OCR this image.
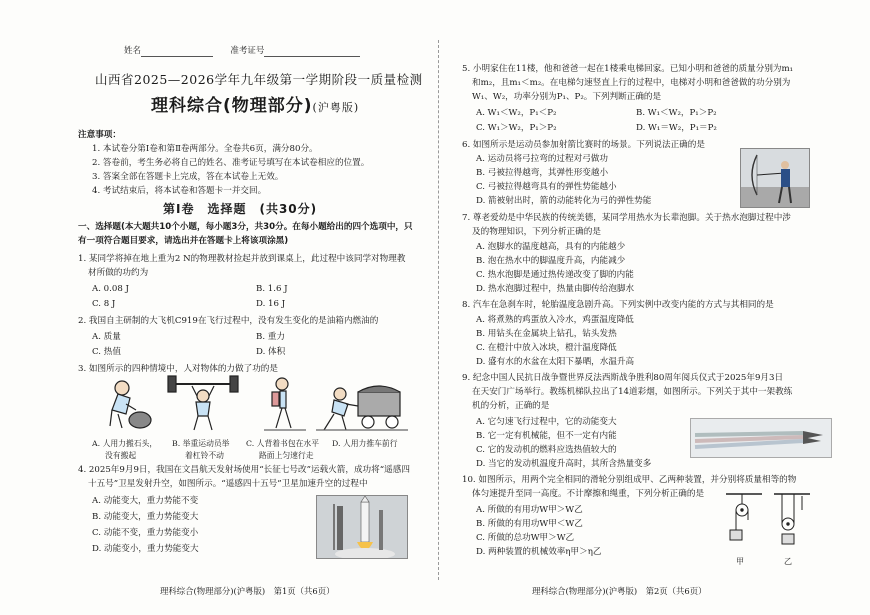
姓名	准考证号
山西省2025—2026学年九年级第一学期阶段一质量检测
理科综合(物理部分)(沪粤版)
注意事项：
1. 本试卷分第Ⅰ卷和第Ⅱ卷两部分。全卷共6页，满分80分。
2. 答卷前，考生务必将自己的姓名、准考证号填写在本试卷相应的位置。
3. 答案全部在答题卡上完成，答在本试卷上无效。
4. 考试结束后，将本试卷和答题卡一并交回。
第Ⅰ卷　选择题　(共30分)
一、选择题(本大题共10个小题，每小题3分，共30分。在每小题给出的四个选项中，只
有一项符合题目要求，请选出并在答题卡上将该项涂黑)
1. 某同学将掉在地上重为2 N的物理教材捡起并放到课桌上，此过程中该同学对物理教
材所做的功约为
A. 0.08 J	B. 1.6 J
C. 8 J	D. 16 J
2. 我国自主研制的大飞机C919在飞行过程中，没有发生变化的是油箱内燃油的
A. 质量	B. 重力
C. 热值	D. 体积
3. 如图所示的四种情境中，人对物体的力做了功的是
A. 人用力搬石头， B. 举重运动员举 C. 人背着书包在水平 D. 人用力推车前行
没有搬起	着杠铃不动	路面上匀速行走
4. 2025年9月9日，我国在文昌航天发射场使用“长征七号改”运载火箭，成功将“遥感四
十五号”卫星发射升空，如图所示。“遥感四十五号”卫星加速升空的过程中
A. 动能变大，重力势能不变
B. 动能变大，重力势能变大
C. 动能不变，重力势能变小
D. 动能变小，重力势能变大
理科综合(物理部分)(沪粤版)　第1页（共6页）
5. 小明家住在11楼，他和爸爸一起在1楼乘电梯回家。已知小明和爸爸的质量分别为m₁
和m₂，且m₁＜m₂。在电梯匀速竖直上行的过程中，电梯对小明和爸爸做的功分别为
W₁、W₂，功率分别为P₁、P₂。下列判断正确的是
A. W₁＜W₂，P₁＜P₂	B. W₁＜W₂，P₁＞P₂
C. W₁＞W₂，P₁＞P₂	D. W₁＝W₂，P₁＝P₂
6. 如图所示是运动员参加射箭比赛时的场景。下列说法正确的是
A. 运动员将弓拉弯的过程对弓做功
B. 弓被拉得越弯，其弹性形变越小
C. 弓被拉得越弯具有的弹性势能越小
D. 箭被射出时，箭的动能转化为弓的弹性势能
7. 尊老爱幼是中华民族的传统美德，某同学用热水为长辈泡脚。关于热水泡脚过程中涉
及的物理知识，下列分析正确的是
A. 泡脚水的温度越高，具有的内能越少
B. 泡在热水中的脚温度升高，内能减少
C. 热水泡脚是通过热传递改变了脚的内能
D. 热水泡脚过程中，热量由脚传给泡脚水
8. 汽车在急刹车时，轮胎温度急剧升高。下列实例中改变内能的方式与其相同的是
A. 将煮熟的鸡蛋放入冷水，鸡蛋温度降低
B. 用钻头在金属块上钻孔，钻头发热
C. 在橙汁中放入冰块，橙汁温度降低
D. 盛有水的水盆在太阳下暴晒，水温升高
9. 纪念中国人民抗日战争暨世界反法西斯战争胜利80周年阅兵仪式于2025年9月3日
在天安门广场举行。教练机梯队拉出了14道彩烟，如图所示。下列关于其中一架教练
机的分析，正确的是
A. 它匀速飞行过程中，它的动能变大
B. 它一定有机械能，但不一定有内能
C. 它的发动机的燃料应选热值较大的
D. 当它的发动机温度升高时，其所含热量变多
10. 如图所示，用两个完全相同的滑轮分别组成甲、乙两种装置，并分别将质量相等的物
体匀速提升至同一高度。不计摩擦和绳重，下列分析正确的是
A. 所做的有用功W甲＞W乙
B. 所做的有用功W甲＜W乙
C. 所做的总功W甲＞W乙
D. 两种装置的机械效率η甲＞η乙
甲	乙
理科综合(物理部分)(沪粤版)　第2页（共6页）
